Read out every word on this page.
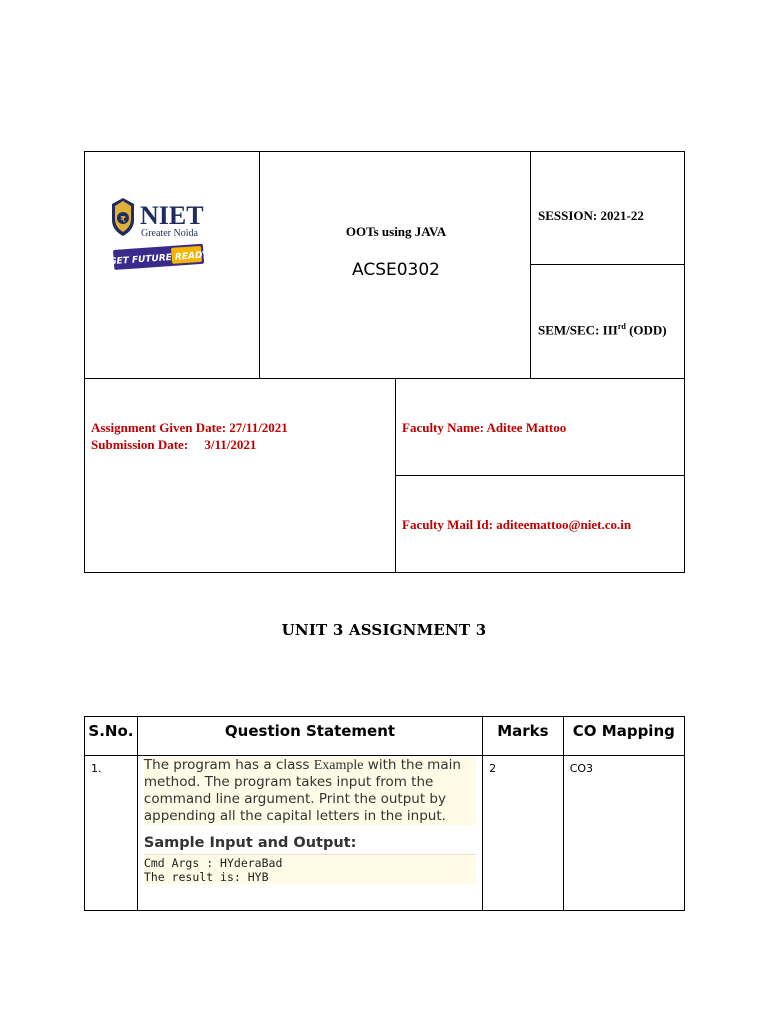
₹ NIET
Greater Noida
GET FUTURE READY
OOTs using JAVA
ACSE0302
SESSION: 2021-22
SEM/SEC: IIIrd (ODD)
Assignment Given Date: 27/11/2021
Submission Date:     3/11/2021
Faculty Name: Aditee Mattoo
Faculty Mail Id: aditeemattoo@niet.co.in
UNIT 3 ASSIGNMENT 3
S.No.	Question Statement	Marks	CO Mapping

1.	The program has a class Example with the main method. The program takes input from the command line argument. Print the output by appending all the capital letters in the input.
Sample Input and Output:
Cmd Args : HYderaBad
The result is: HYB	2	CO3
